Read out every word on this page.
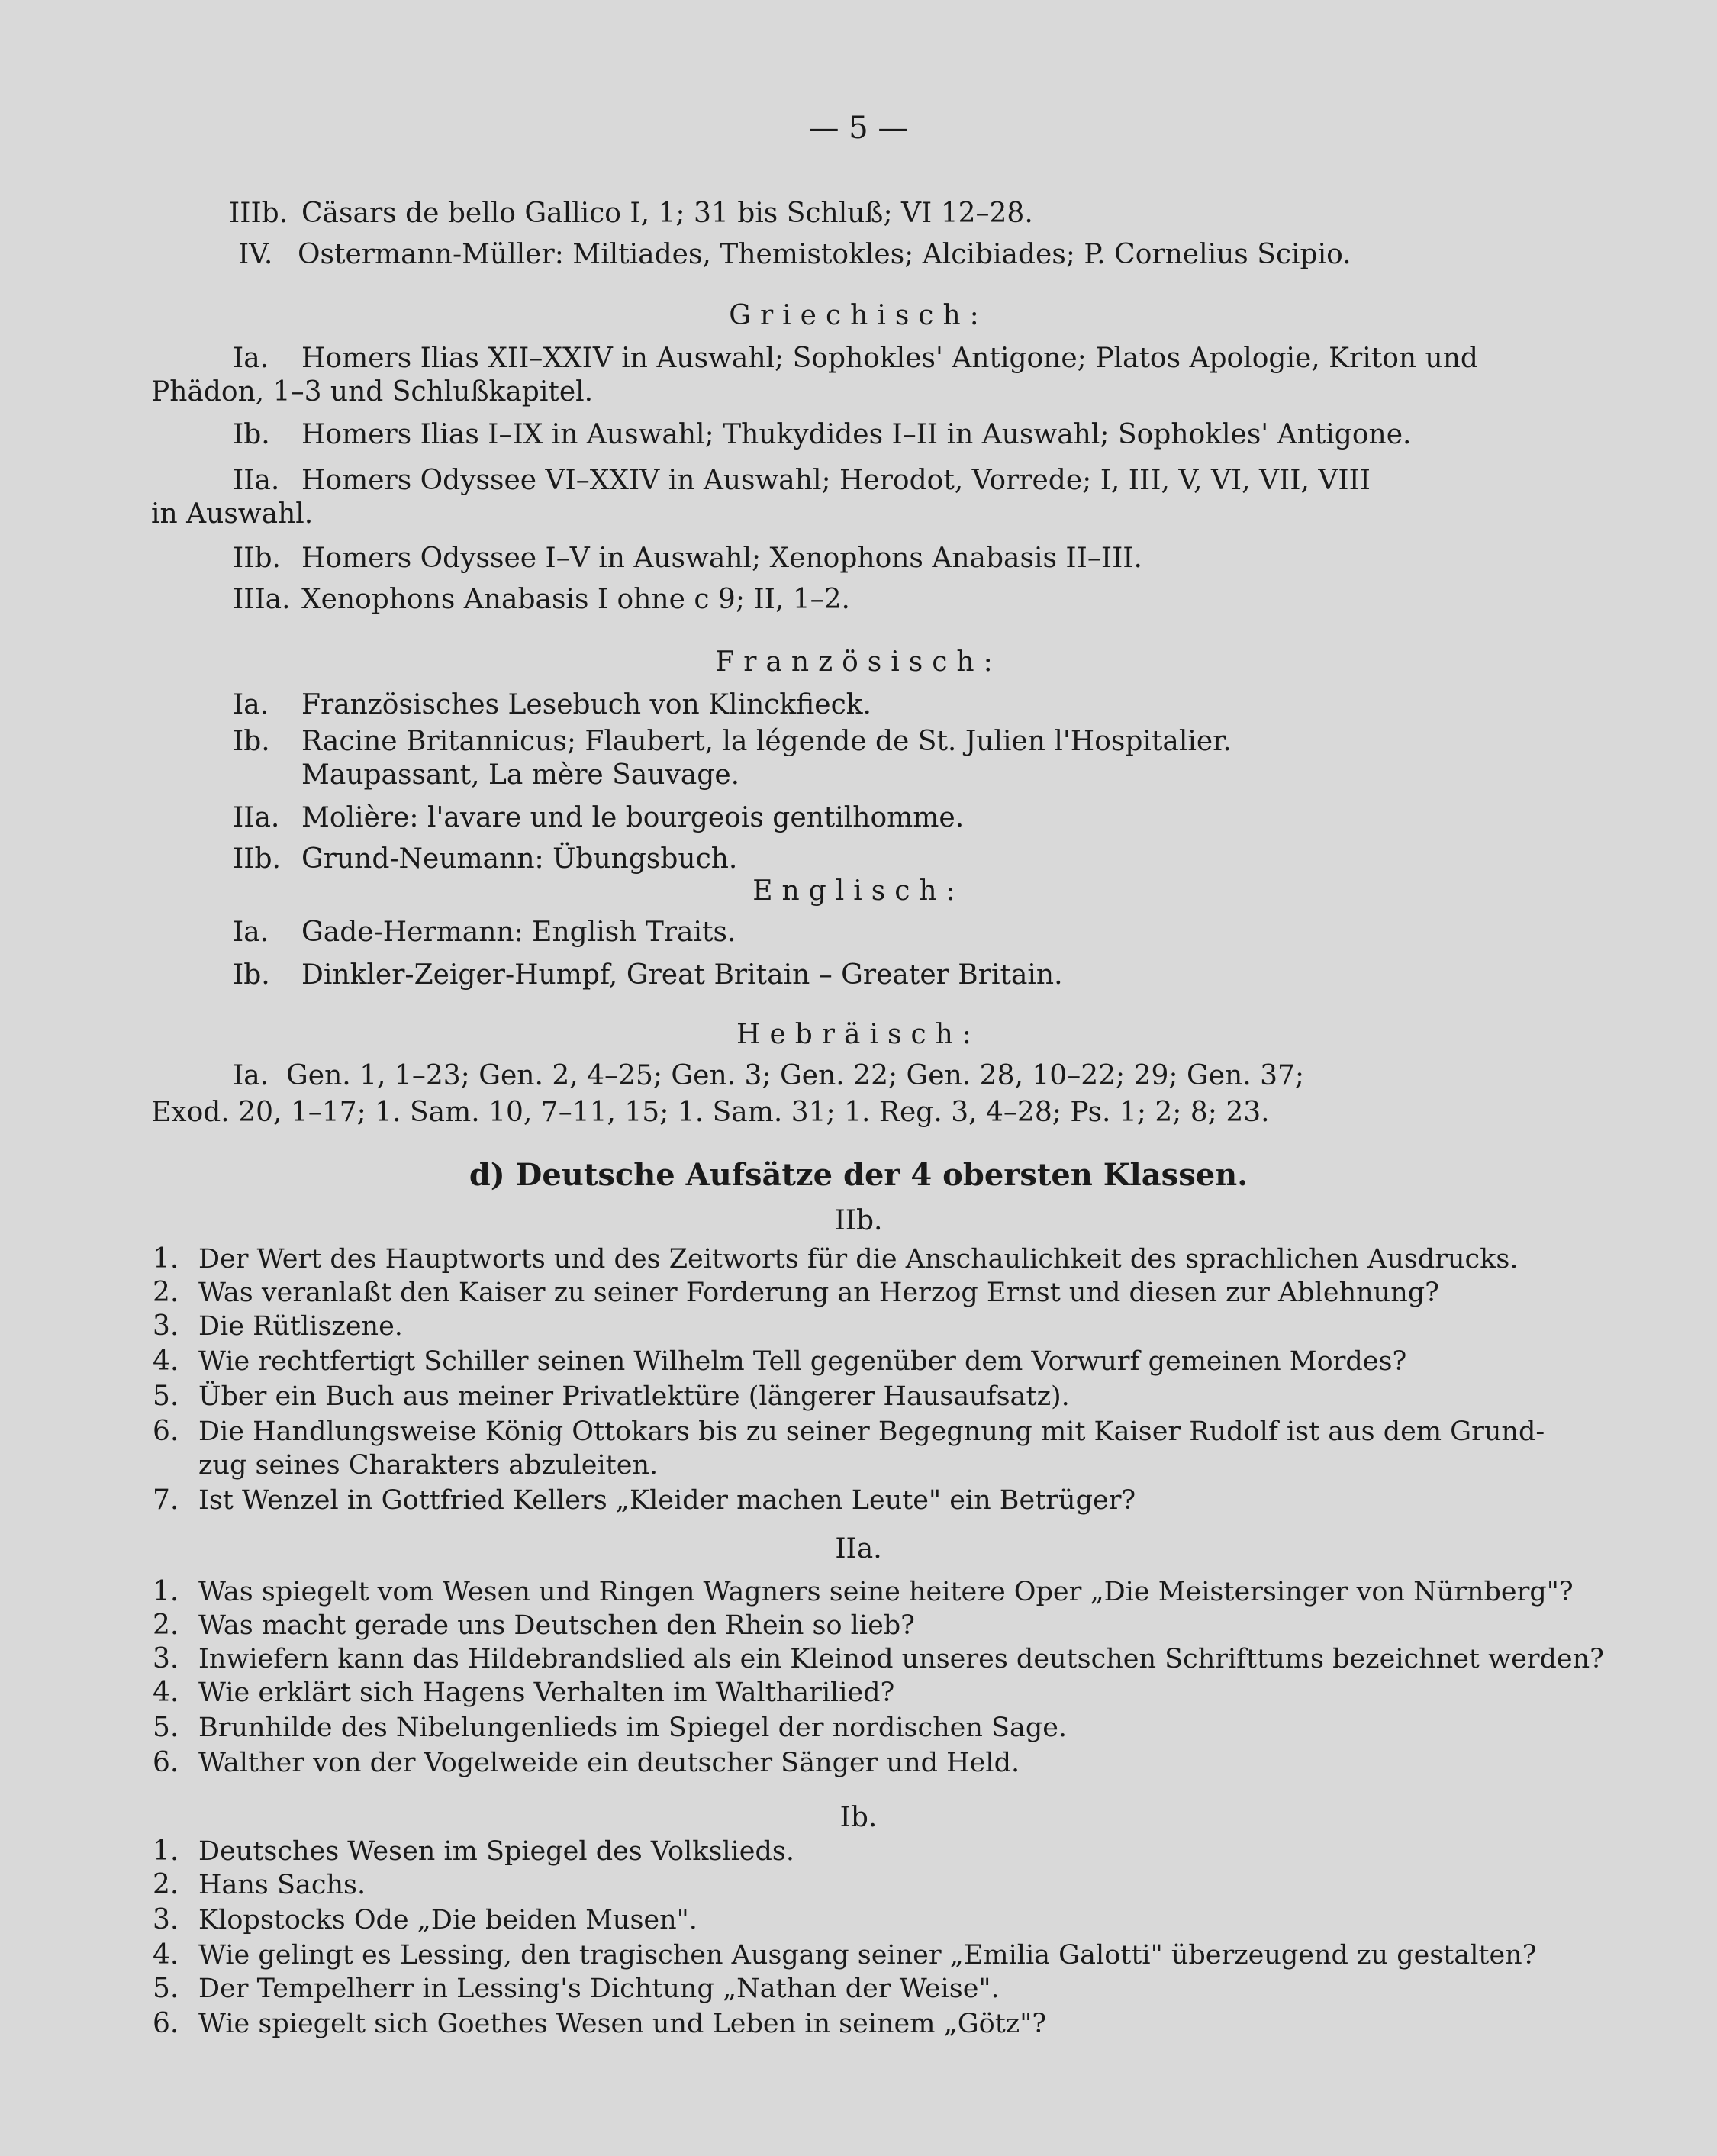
— 5 —
IIIb. Cäsars de bello Gallico I, 1; 31 bis Schluß; VI 12–28.
IV. Ostermann-Müller: Miltiades, Themistokles; Alcibiades; P. Cornelius Scipio.
Griechisch:
Ia. Homers Ilias XII–XXIV in Auswahl; Sophokles' Antigone; Platos Apologie, Kriton und
Phädon, 1–3 und Schlußkapitel.
Ib. Homers Ilias I–IX in Auswahl; Thukydides I–II in Auswahl; Sophokles' Antigone.
IIa. Homers Odyssee VI–XXIV in Auswahl; Herodot, Vorrede; I, III, V, VI, VII, VIII
in Auswahl.
IIb. Homers Odyssee I–V in Auswahl; Xenophons Anabasis II–III.
IIIa. Xenophons Anabasis I ohne c 9; II, 1–2.
Französisch:
Ia. Französisches Lesebuch von Klinckfieck.
Ib. Racine Britannicus; Flaubert, la légende de St. Julien l'Hospitalier.
Maupassant, La mère Sauvage.
IIa. Molière: l'avare und le bourgeois gentilhomme.
IIb. Grund-Neumann: Übungsbuch.
Englisch:
Ia. Gade-Hermann: English Traits.
Ib. Dinkler-Zeiger-Humpf, Great Britain – Greater Britain.
Hebräisch:
Ia. Gen. 1, 1–23; Gen. 2, 4–25; Gen. 3; Gen. 22; Gen. 28, 10–22; 29; Gen. 37;
Exod. 20, 1–17; 1. Sam. 10, 7–11, 15; 1. Sam. 31; 1. Reg. 3, 4–28; Ps. 1; 2; 8; 23.
d) Deutsche Aufsätze der 4 obersten Klassen.
IIb.
1. Der Wert des Hauptworts und des Zeitworts für die Anschaulichkeit des sprachlichen Ausdrucks.
2. Was veranlaßt den Kaiser zu seiner Forderung an Herzog Ernst und diesen zur Ablehnung?
3. Die Rütliszene.
4. Wie rechtfertigt Schiller seinen Wilhelm Tell gegenüber dem Vorwurf gemeinen Mordes?
5. Über ein Buch aus meiner Privatlektüre (längerer Hausaufsatz).
6. Die Handlungsweise König Ottokars bis zu seiner Begegnung mit Kaiser Rudolf ist aus dem Grund-
zug seines Charakters abzuleiten.
7. Ist Wenzel in Gottfried Kellers „Kleider machen Leute" ein Betrüger?
IIa.
1. Was spiegelt vom Wesen und Ringen Wagners seine heitere Oper „Die Meistersinger von Nürnberg"?
2. Was macht gerade uns Deutschen den Rhein so lieb?
3. Inwiefern kann das Hildebrandslied als ein Kleinod unseres deutschen Schrifttums bezeichnet werden?
4. Wie erklärt sich Hagens Verhalten im Waltharilied?
5. Brunhilde des Nibelungenlieds im Spiegel der nordischen Sage.
6. Walther von der Vogelweide ein deutscher Sänger und Held.
Ib.
1. Deutsches Wesen im Spiegel des Volkslieds.
2. Hans Sachs.
3. Klopstocks Ode „Die beiden Musen".
4. Wie gelingt es Lessing, den tragischen Ausgang seiner „Emilia Galotti" überzeugend zu gestalten?
5. Der Tempelherr in Lessing's Dichtung „Nathan der Weise".
6. Wie spiegelt sich Goethes Wesen und Leben in seinem „Götz"?
